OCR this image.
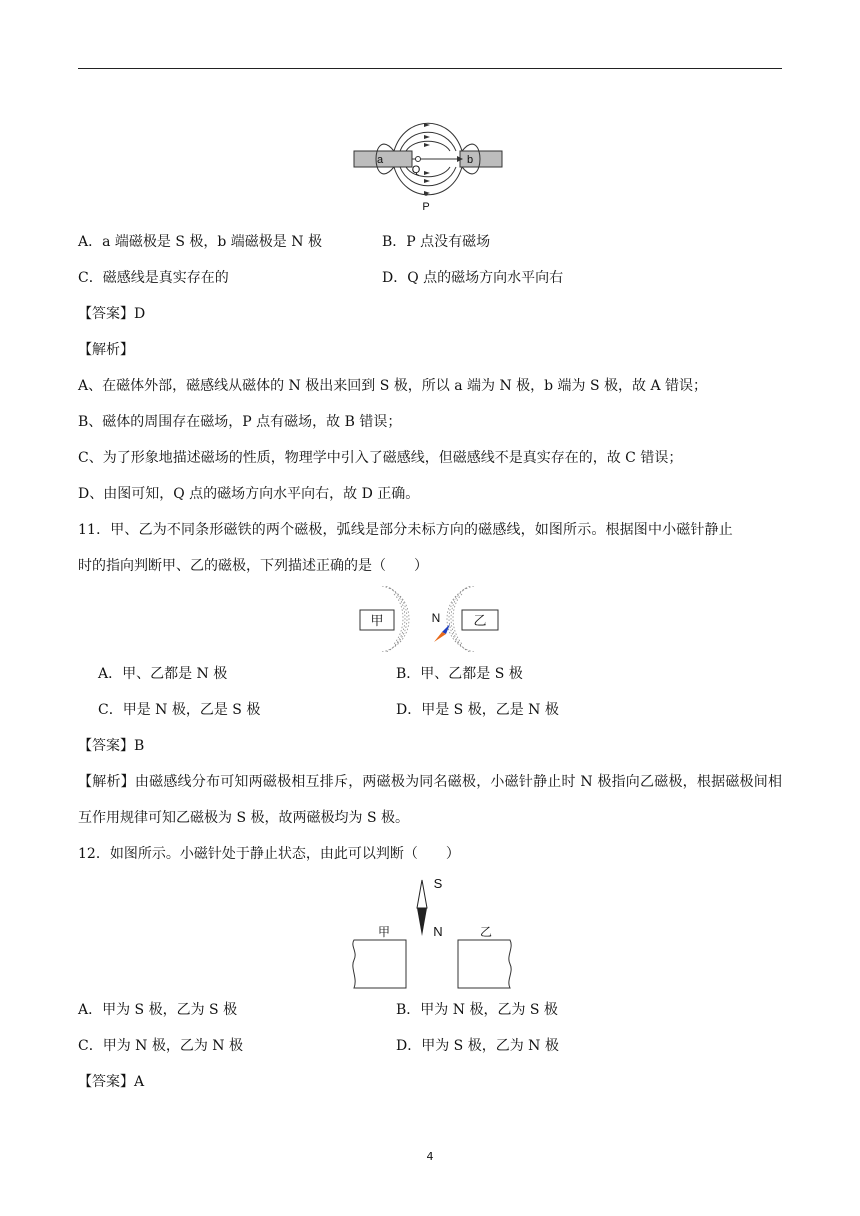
a	b
Q
P
A．a 端磁极是 S 极，b 端磁极是 N 极	B．P 点没有磁场
C．磁感线是真实存在的	D．Q 点的磁场方向水平向右
【答案】D
【解析】
A、在磁体外部，磁感线从磁体的 N 极出来回到 S 极，所以 a 端为 N 极，b 端为 S 极，故 A 错误；
B、磁体的周围存在磁场，P 点有磁场，故 B 错误；
C、为了形象地描述磁场的性质，物理学中引入了磁感线，但磁感线不是真实存在的，故 C 错误；
D、由图可知，Q 点的磁场方向水平向右，故 D 正确。
11．甲、乙为不同条形磁铁的两个磁极，弧线是部分未标方向的磁感线，如图所示。根据图中小磁针静止
时的指向判断甲、乙的磁极，下列描述正确的是（　　）
甲	乙
N
A．甲、乙都是 N 极	B．甲、乙都是 S 极
C．甲是 N 极，乙是 S 极	D．甲是 S 极，乙是 N 极
【答案】B
【解析】由磁感线分布可知两磁极相互排斥，两磁极为同名磁极，小磁针静止时 N 极指向乙磁极，根据磁极间相互作用规律可知乙磁极为 S 极，故两磁极均为 S 极。
12．如图所示。小磁针处于静止状态，由此可以判断（　　）
S
N
甲	乙
A．甲为 S 极，乙为 S 极	B．甲为 N 极，乙为 S 极
C．甲为 N 极，乙为 N 极	D．甲为 S 极，乙为 N 极
【答案】A
4
